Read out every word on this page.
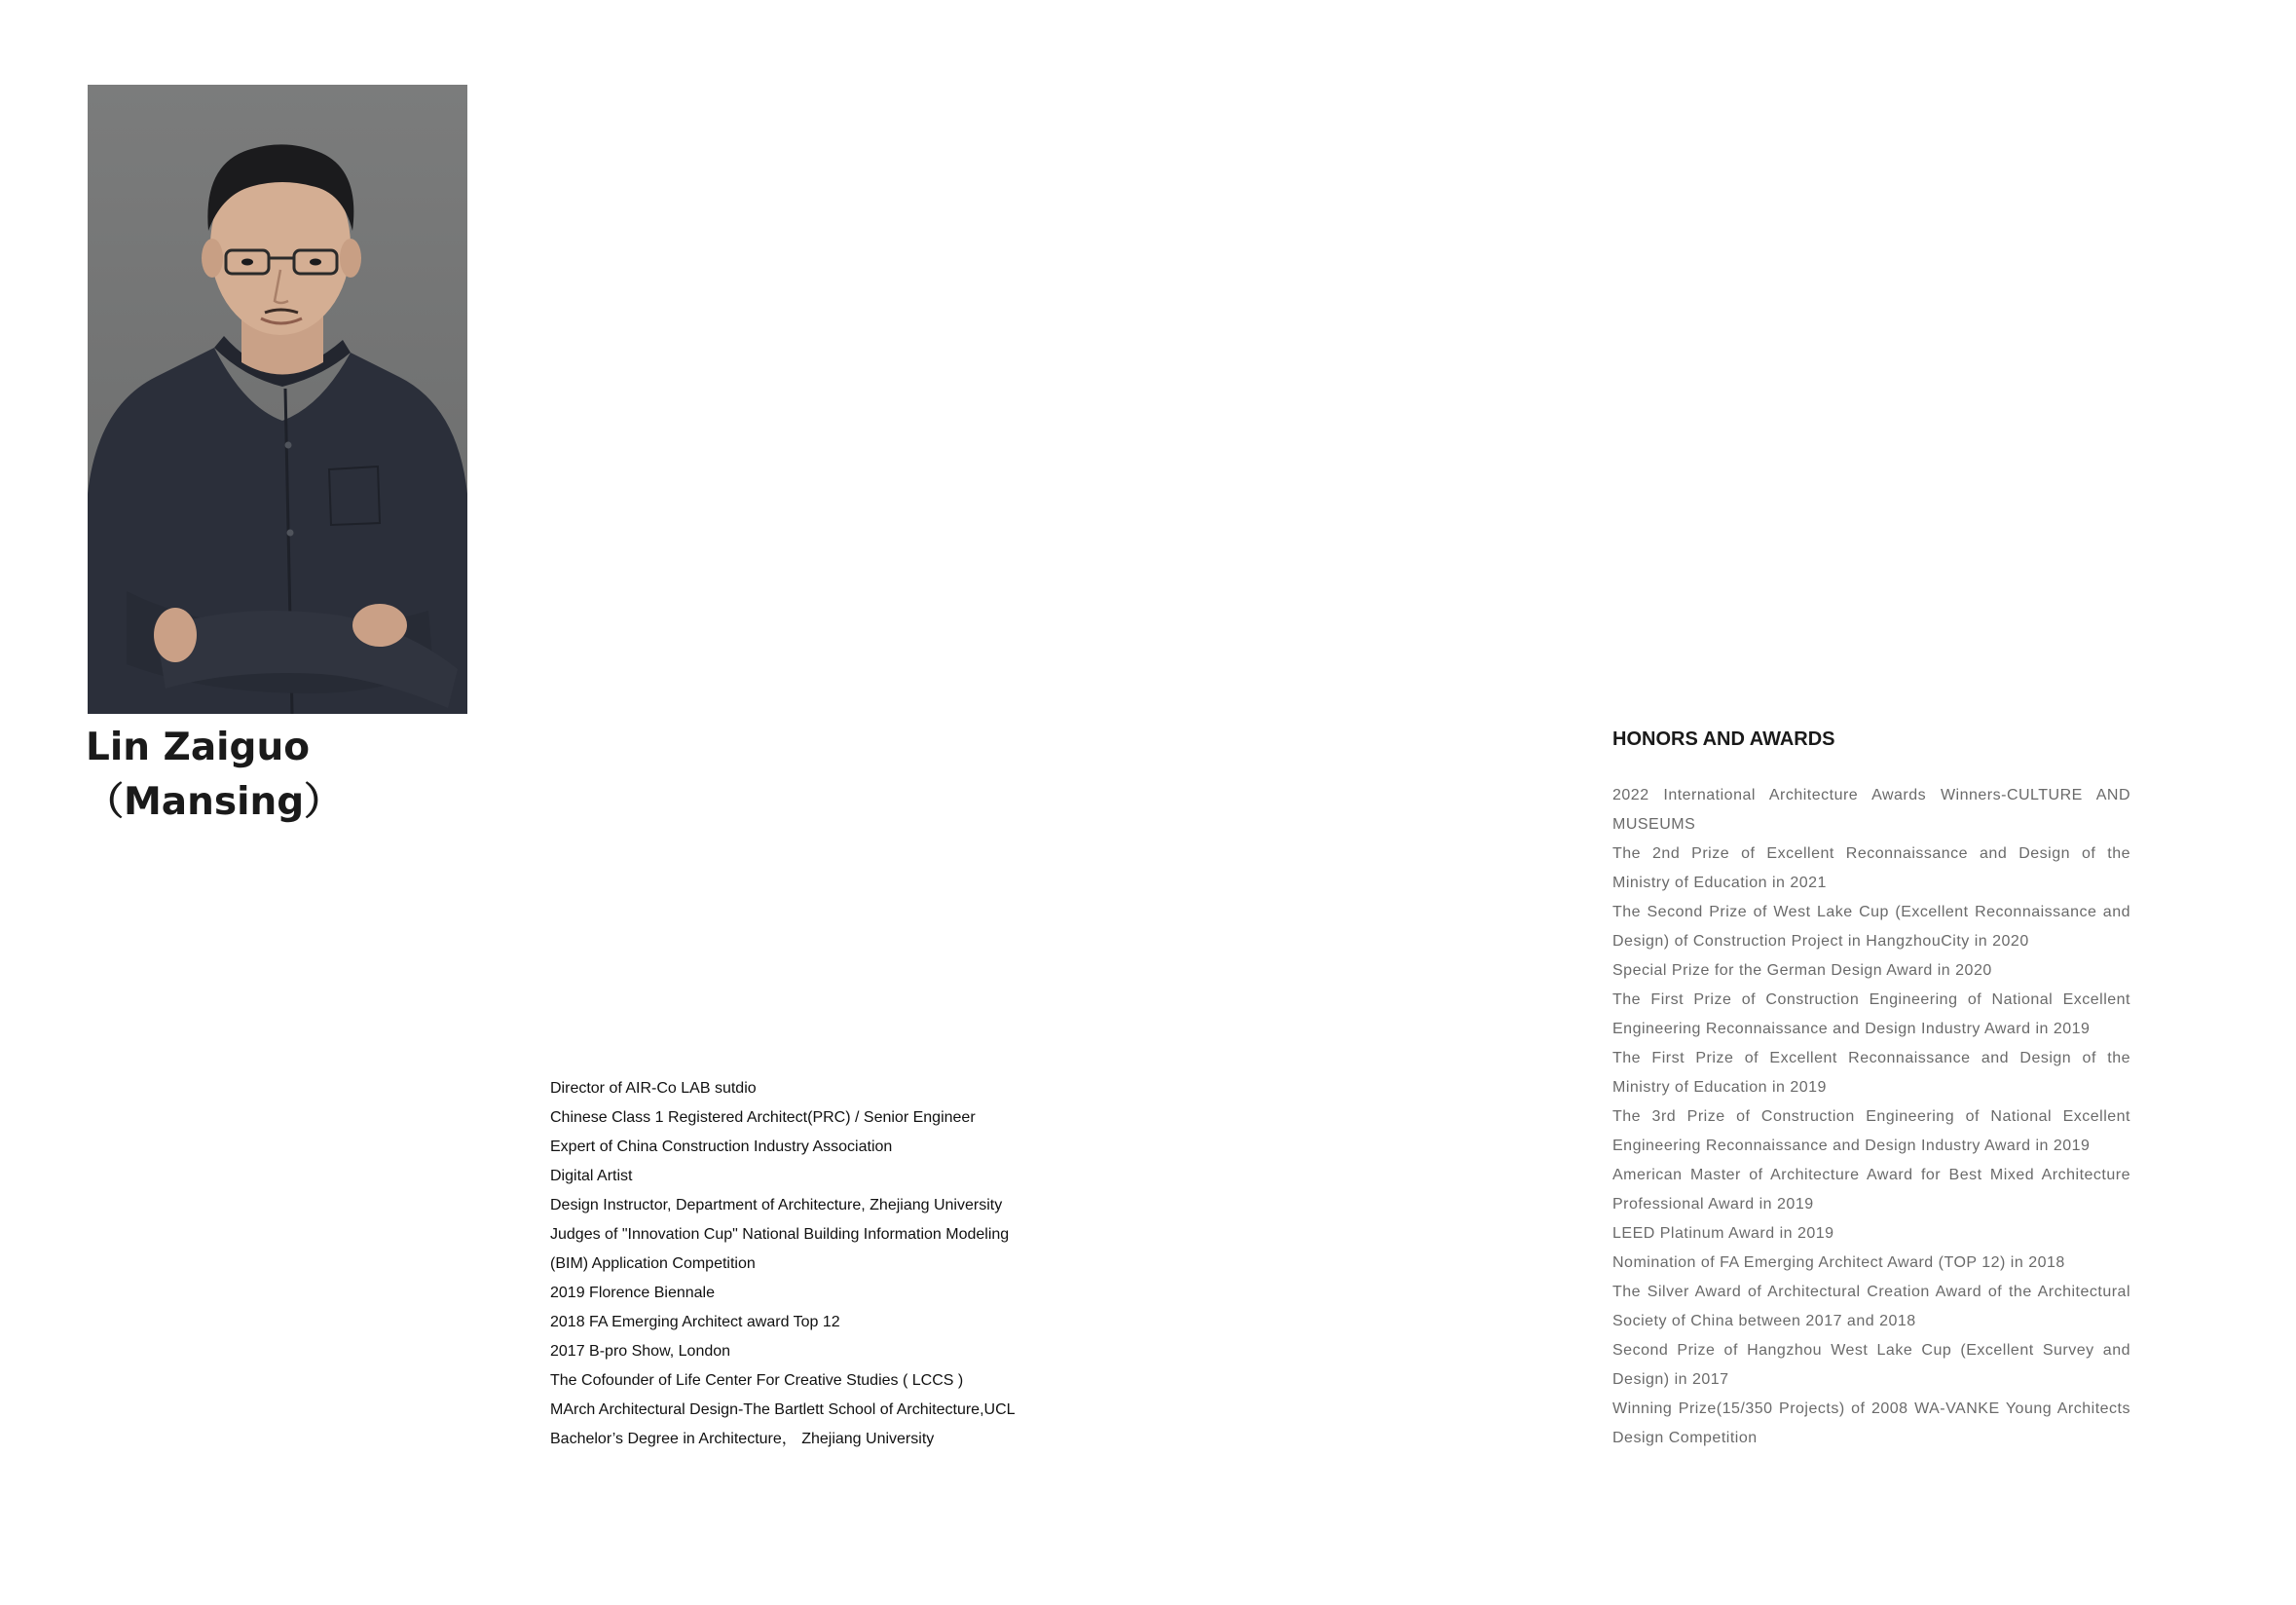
Lin Zaiguo
（Mansing）
Director of AIR-Co LAB sutdio
Chinese Class 1 Registered Architect(PRC) / Senior Engineer
Expert of China Construction Industry Association
Digital Artist
Design Instructor, Department of Architecture, Zhejiang University
Judges of "Innovation Cup" National Building Information Modeling
(BIM) Application Competition
2019 Florence Biennale
2018 FA Emerging Architect award Top 12
2017 B-pro Show, London
The Cofounder of Life Center For Creative Studies ( LCCS )
MArch Architectural Design-The Bartlett School of Architecture,UCL
Bachelor’s Degree in Architecture， Zhejiang University
HONORS AND AWARDS
2022 International Architecture Awards Winners-CULTURE AND MUSEUMS
The 2nd Prize of Excellent Reconnaissance and Design of the Ministry of Education in 2021
The Second Prize of West Lake Cup (Excellent Reconnaissance and Design) of Construction Project in HangzhouCity in 2020
Special Prize for the German Design Award in 2020
The First Prize of Construction Engineering of National Excellent Engineering Reconnaissance and Design Industry Award in 2019
The First Prize of Excellent Reconnaissance and Design of the Ministry of Education in 2019
The 3rd Prize of Construction Engineering of National Excellent Engineering Reconnaissance and Design Industry Award in 2019
American Master of Architecture Award for Best Mixed Architecture Professional Award in 2019
LEED Platinum Award in 2019
Nomination of FA Emerging Architect Award (TOP 12) in 2018
The Silver Award of Architectural Creation Award of the Architectural Society of China between 2017 and 2018
Second Prize of Hangzhou West Lake Cup (Excellent Survey and Design) in 2017
Winning Prize(15/350 Projects) of 2008 WA-VANKE Young Architects Design Competition
